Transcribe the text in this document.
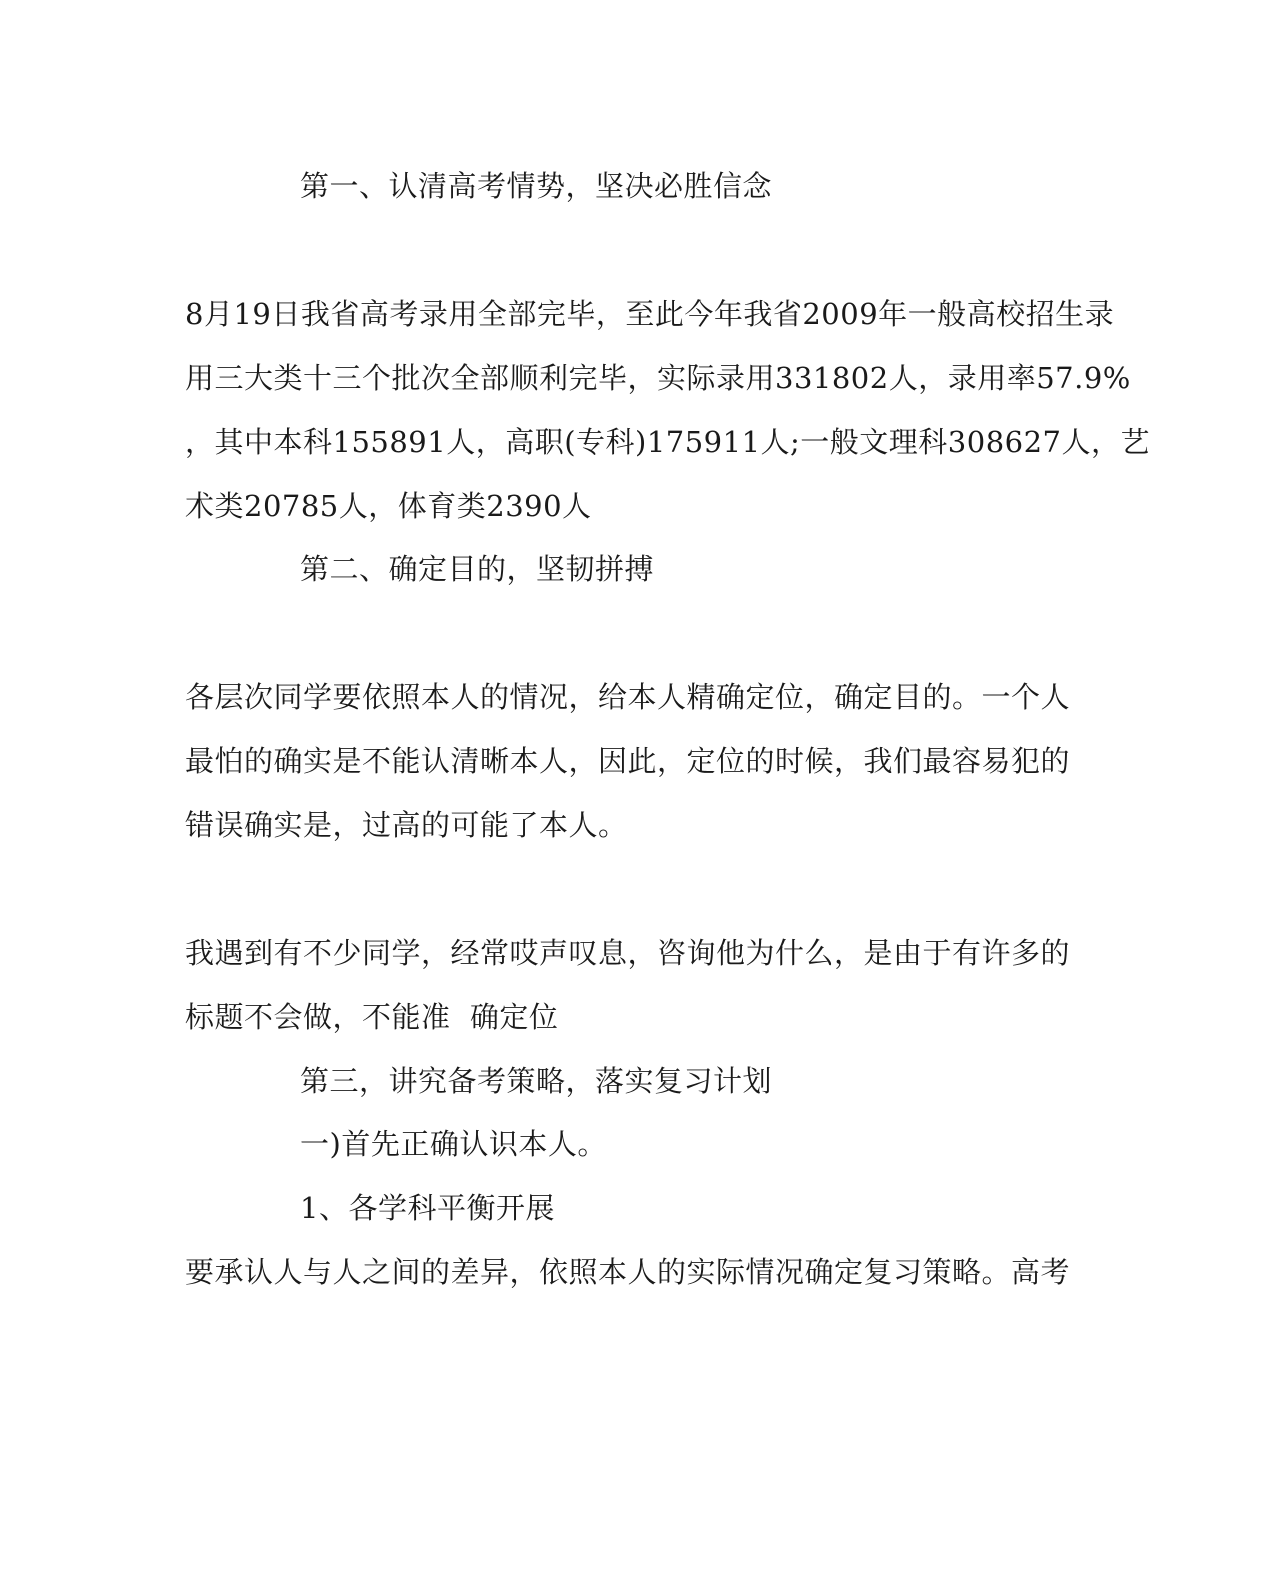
第一、认清高考情势，坚决必胜信念
8月19日我省高考录用全部完毕，至此今年我省2009年一般高校招生录
用三大类十三个批次全部顺利完毕，实际录用331802人，录用率57.9%
，其中本科155891人，高职(专科)175911人;一般文理科308627人，艺
术类20785人，体育类2390人
第二、确定目的，坚韧拼搏
各层次同学要依照本人的情况，给本人精确定位，确定目的。一个人
最怕的确实是不能认清晰本人，因此，定位的时候，我们最容易犯的
错误确实是，过高的可能了本人。
我遇到有不少同学，经常哎声叹息，咨询他为什么，是由于有许多的
标题不会做，不能准  确定位
第三，讲究备考策略，落实复习计划
一)首先正确认识本人。
1、各学科平衡开展
要承认人与人之间的差异，依照本人的实际情况确定复习策略。高考
